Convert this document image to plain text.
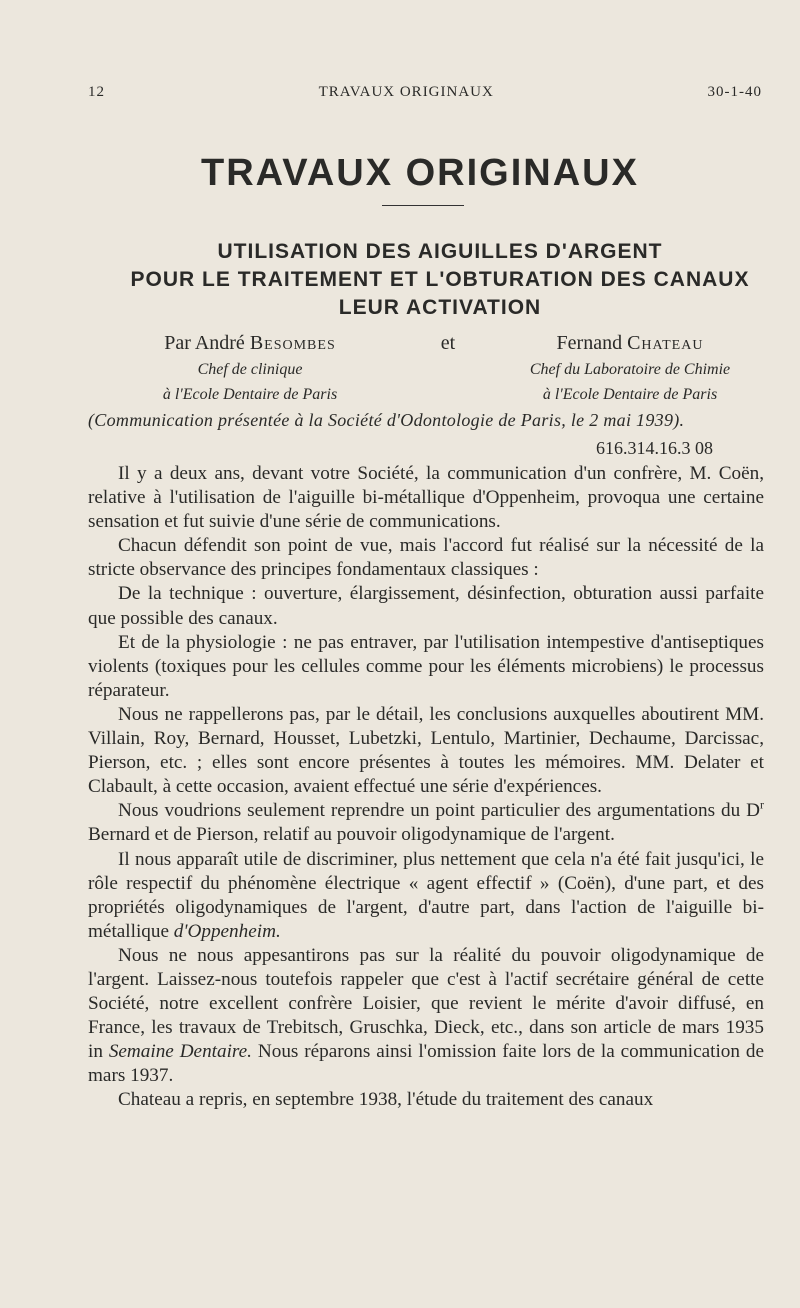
12	TRAVAUX ORIGINAUX	30-1-40
TRAVAUX ORIGINAUX
UTILISATION DES AIGUILLES D'ARGENT
POUR LE TRAITEMENT ET L'OBTURATION DES CANAUX
LEUR ACTIVATION
Par André Besombes
Chef de clinique
à l'Ecole Dentaire de Paris
et	Fernand Chateau
Chef du Laboratoire de Chimie
à l'Ecole Dentaire de Paris
(Communication présentée à la Société d'Odontologie de Paris, le 2 mai 1939).
616.314.16.3 08

Il y a deux ans, devant votre Société, la communication d'un confrère, M. Coën, relative à l'utilisation de l'aiguille bi-métallique d'Oppenheim, provoqua une certaine sensation et fut suivie d'une série de communications.

Chacun défendit son point de vue, mais l'accord fut réalisé sur la nécessité de la stricte observance des principes fondamentaux classiques :

De la technique : ouverture, élargissement, désinfection, obturation aussi parfaite que possible des canaux.

Et de la physiologie : ne pas entraver, par l'utilisation intempestive d'antiseptiques violents (toxiques pour les cellules comme pour les éléments microbiens) le processus réparateur.

Nous ne rappellerons pas, par le détail, les conclusions auxquelles aboutirent MM. Villain, Roy, Bernard, Housset, Lubetzki, Lentulo, Martinier, Dechaume, Darcissac, Pierson, etc. ; elles sont encore présentes à toutes les mémoires. MM. Delater et Clabault, à cette occasion, avaient effectué une série d'expériences.

Nous voudrions seulement reprendre un point particulier des argumentations du $D^r$ Bernard et de Pierson, relatif au pouvoir oligodynamique de l'argent.

Il nous apparaît utile de discriminer, plus nettement que cela n'a été fait jusqu'ici, le rôle respectif du phénomène électrique « agent effectif » (Coën), d'une part, et des propriétés oligodynamiques de l'argent, d'autre part, dans l'action de l'aiguille bi-métallique d'Oppenheim.

Nous ne nous appesantirons pas sur la réalité du pouvoir oligodynamique de l'argent. Laissez-nous toutefois rappeler que c'est à l'actif secrétaire général de cette Société, notre excellent confrère Loisier, que revient le mérite d'avoir diffusé, en France, les travaux de Trebitsch, Gruschka, Dieck, etc., dans son article de mars 1935 in Semaine Dentaire. Nous réparons ainsi l'omission faite lors de la communication de mars 1937.

Chateau a repris, en septembre 1938, l'étude du traitement des canaux
